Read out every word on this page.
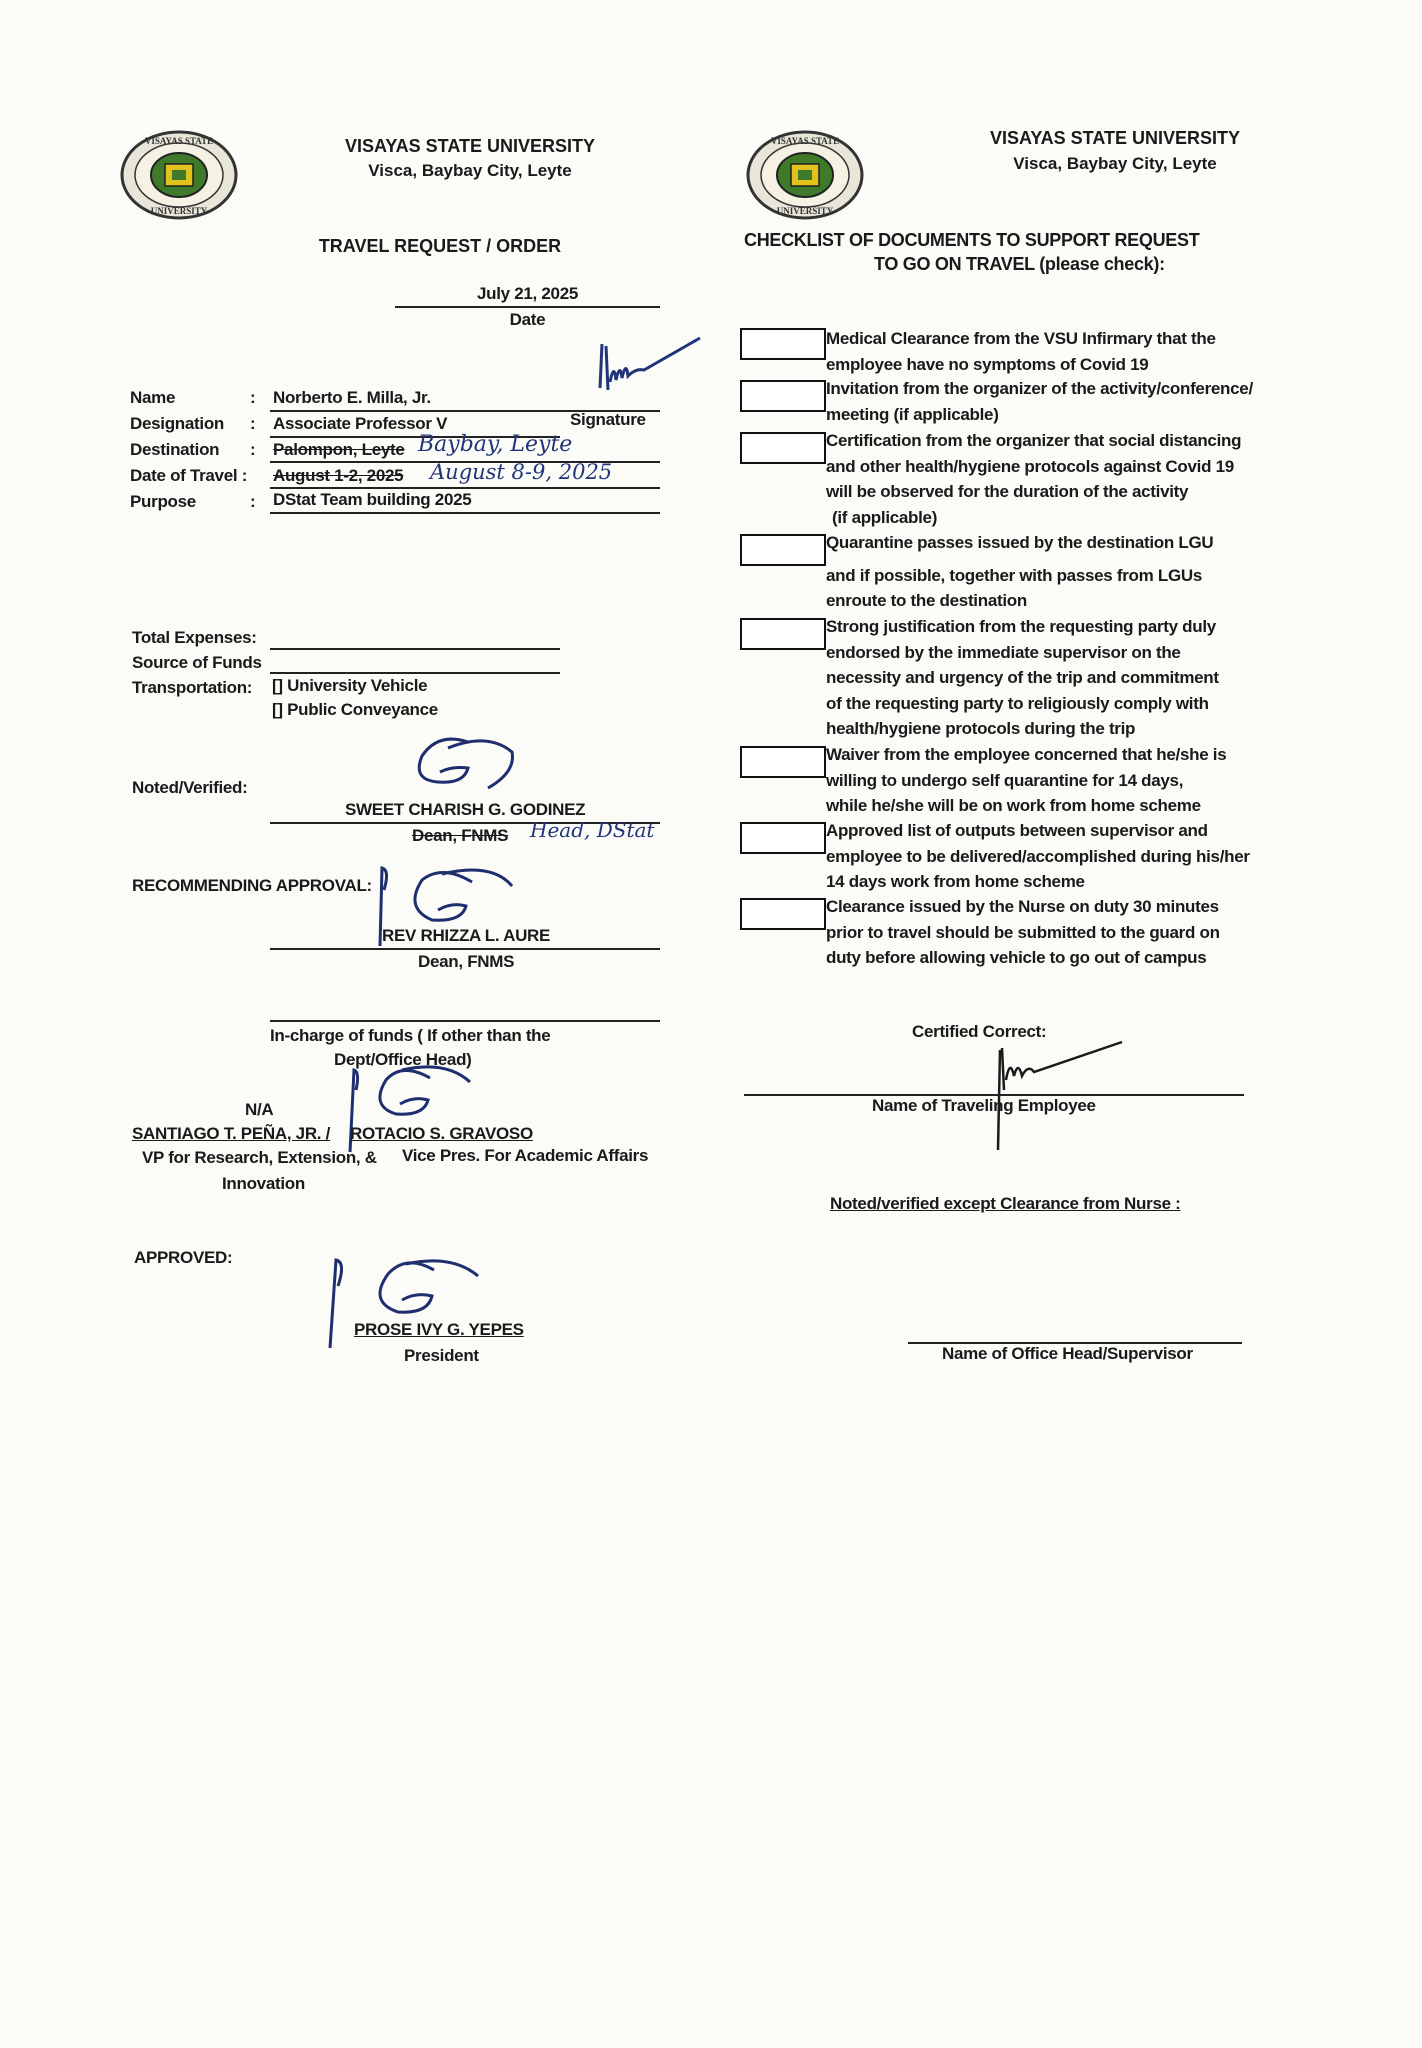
VISAYAS STATE
UNIVERSITY
VISAYAS STATE UNIVERSITY
Visca, Baybay City, Leyte
TRAVEL REQUEST / ORDER
July 21, 2025
Date
Name	: Norberto E. Milla, Jr.
Designation : Associate Professor V	Signature
Destination : Palompon, Leyte Baybay, Leyte
Date of Travel : August 1-2, 2025 August 8-9, 2025
Purpose	: DStat Team building 2025
Total Expenses:
Source of Funds
Transportation: [] University Vehicle
[] Public Conveyance
Noted/Verified:
SWEET CHARISH G. GODINEZ
Dean, FNMS Head, DStat
RECOMMENDING APPROVAL:
REV RHIZZA L. AURE
Dean, FNMS
In-charge of funds ( If other than the
Dept/Office Head)
N/A
SANTIAGO T. PEÑA, JR. / ROTACIO S. GRAVOSO
VP for Research, Extension, & Vice Pres. For Academic Affairs
Innovation
APPROVED:
PROSE IVY G. YEPES
President
VISAYAS STATE
UNIVERSITY
VISAYAS STATE UNIVERSITY
Visca, Baybay City, Leyte
CHECKLIST OF DOCUMENTS TO SUPPORT REQUEST
TO GO ON TRAVEL (please check):
Medical Clearance from the VSU Infirmary that the
employee have no symptoms of Covid 19
Invitation from the organizer of the activity/conference/
meeting (if applicable)
Certification from the organizer that social distancing
and other health/hygiene protocols against Covid 19
will be observed for the duration of the activity
(if applicable)
Quarantine passes issued by the destination LGU
and if possible, together with passes from LGUs
enroute to the destination
Strong justification from the requesting party duly
endorsed by the immediate supervisor on the
necessity and urgency of the trip and commitment
of the requesting party to religiously comply with
health/hygiene protocols during the trip
Waiver from the employee concerned that he/she is
willing to undergo self quarantine for 14 days,
while he/she will be on work from home scheme
Approved list of outputs between supervisor and
employee to be delivered/accomplished during his/her
14 days work from home scheme
Clearance issued by the Nurse on duty 30 minutes
prior to travel should be submitted to the guard on
duty before allowing vehicle to go out of campus
Certified Correct:
Name of Traveling Employee
Noted/verified except Clearance from Nurse :
Name of Office Head/Supervisor
